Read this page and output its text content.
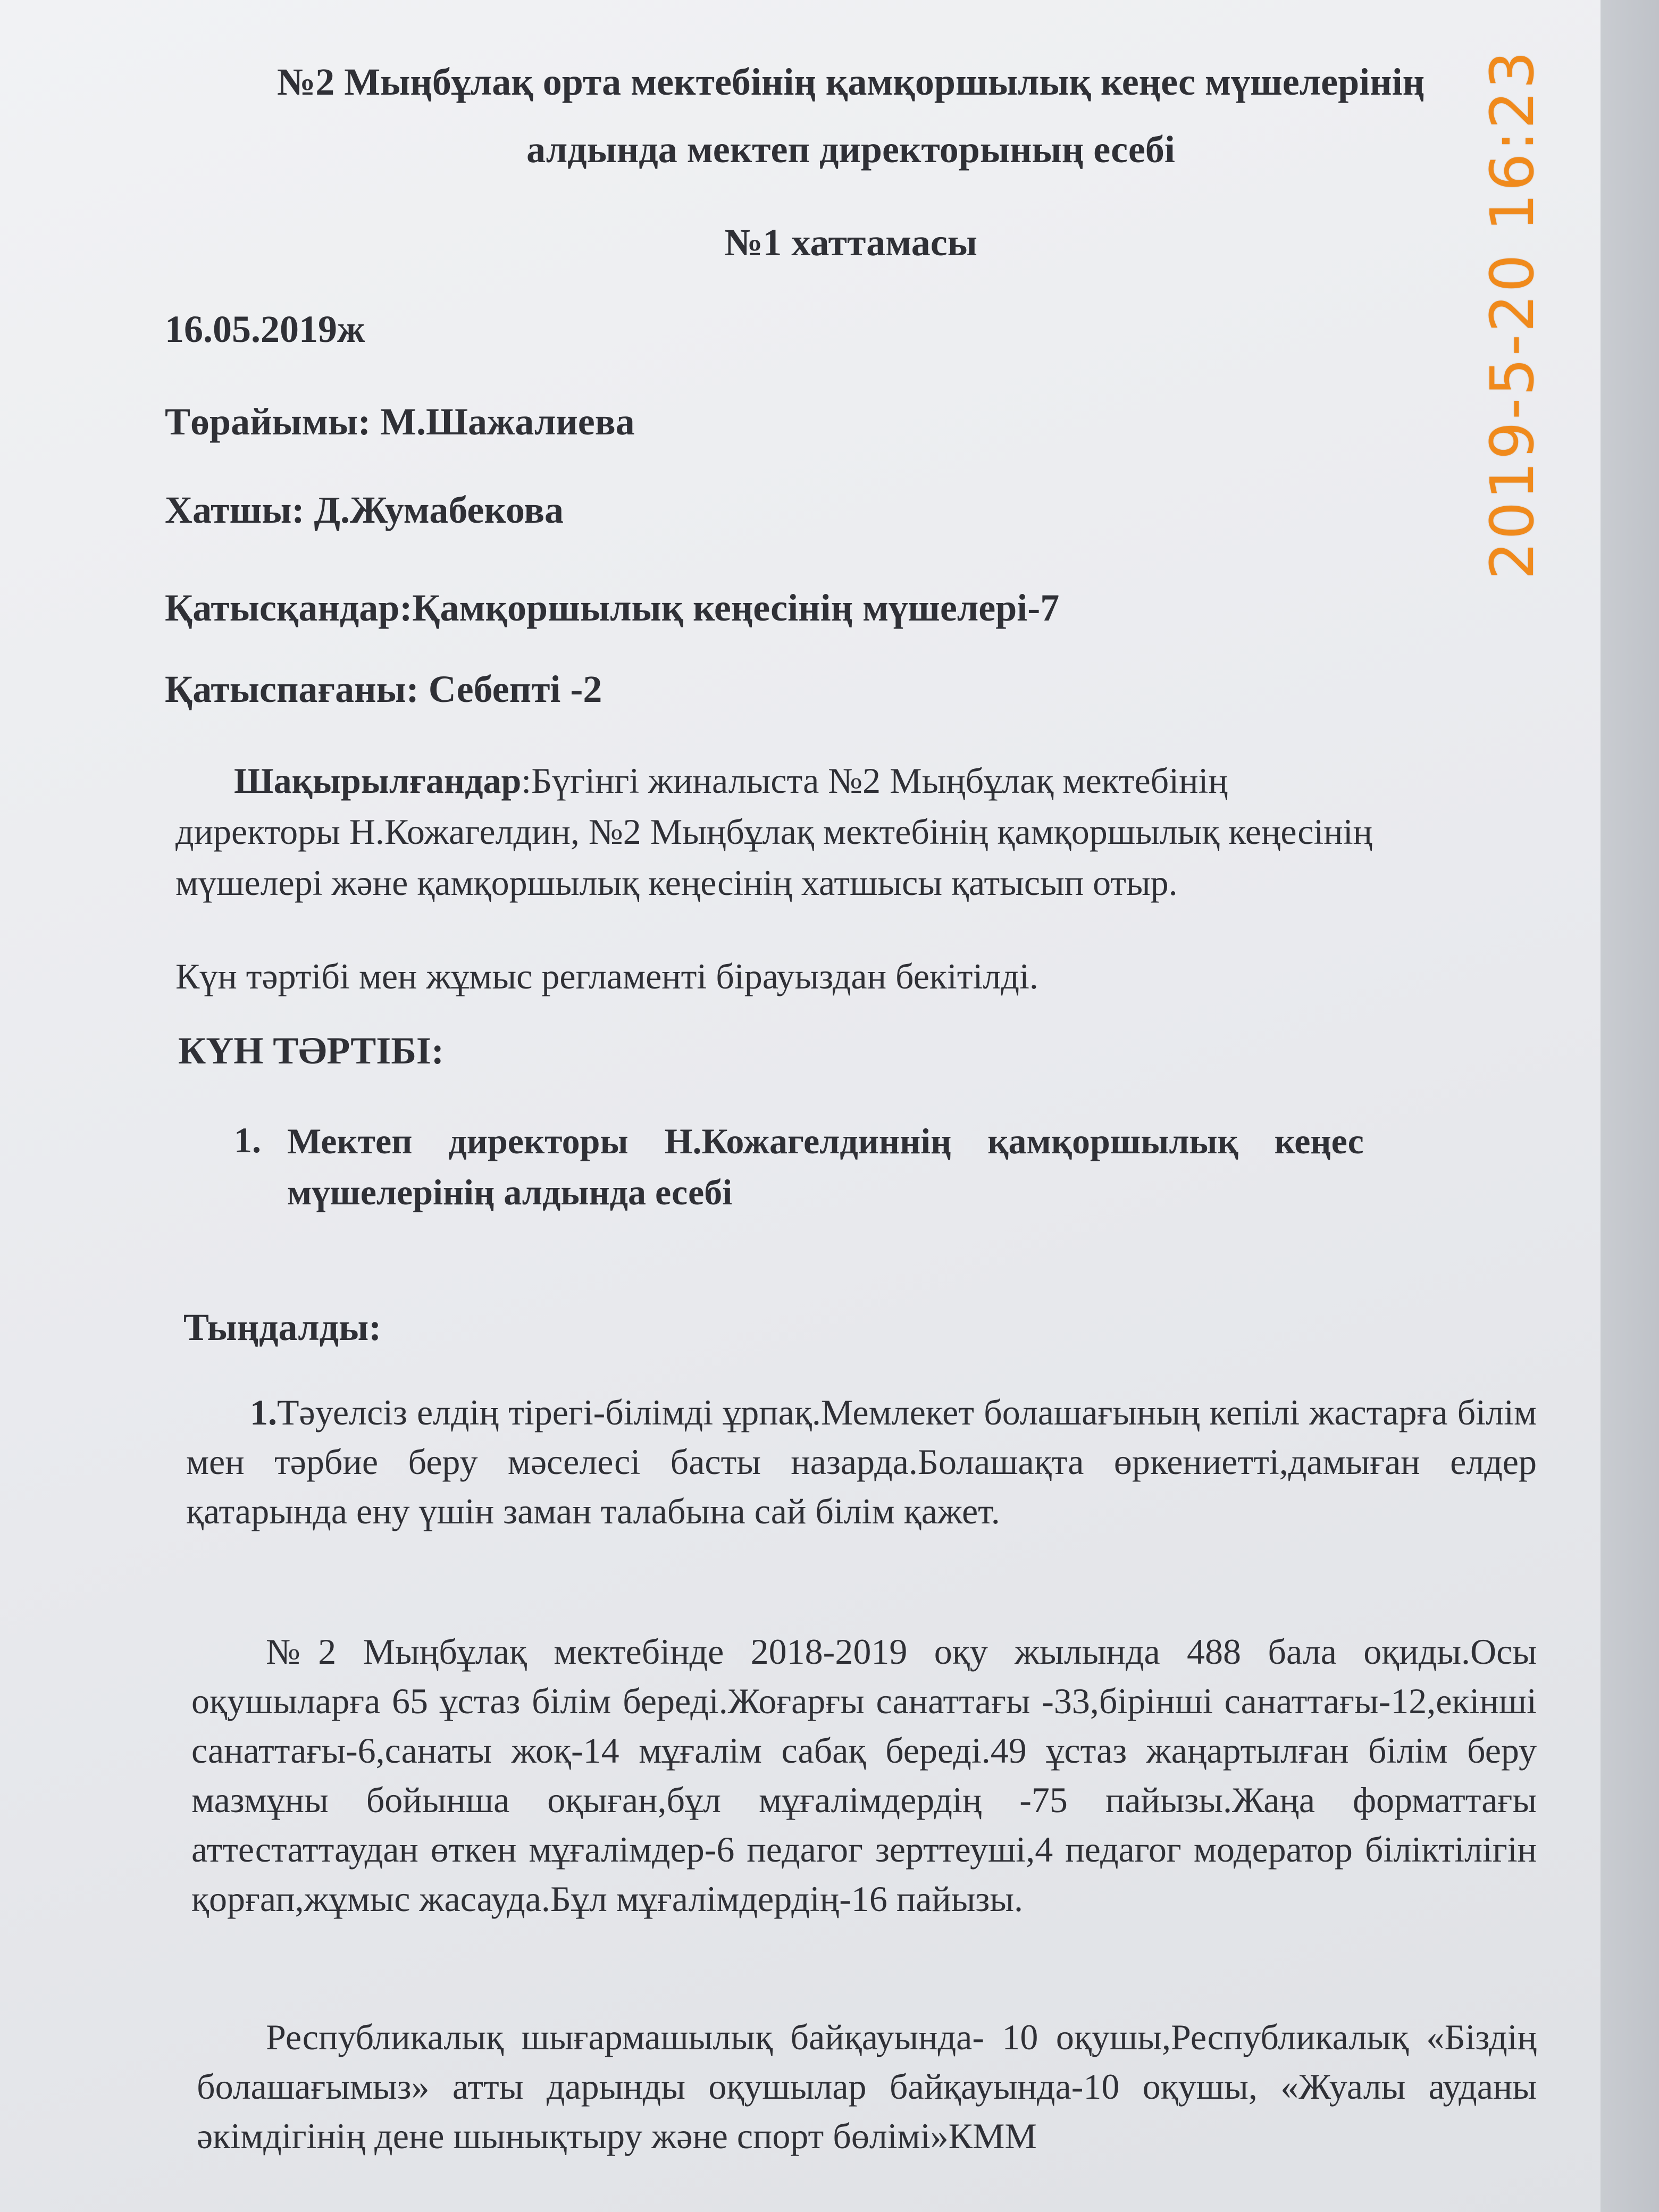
2019-5-20 16:23
№2 Мыңбұлақ орта мектебінің қамқоршылық кеңес мүшелерінің
алдында мектеп директорының есебі
№1 хаттамасы
16.05.2019ж
Төрайымы: М.Шажалиева
Хатшы: Д.Жумабекова
Қатысқандар:Қамқоршылық кеңесінің мүшелері-7
Қатыспағаны: Себепті -2
Шақырылғандар:Бүгінгі жиналыста №2 Мыңбұлақ мектебінің
директоры Н.Кожагелдин, №2 Мыңбұлақ мектебінің қамқоршылық кеңесінің
мүшелері және қамқоршылық кеңесінің хатшысы қатысып отыр.
Күн тәртібі мен жұмыс регламенті бірауыздан бекітілді.
КҮН ТӘРТІБІ:
1. Мектеп    директоры    Н.Кожагелдиннің    қамқоршылық    кеңес
мүшелерінің алдында есебі
Тыңдалды:
1.Тәуелсіз елдің тірегі-білімді ұрпақ.Мемлекет болашағының кепілі жастарға білім мен тәрбие беру мәселесі басты назарда.Болашақта өркениетті,дамыған елдер қатарында ену үшін заман талабына сай білім қажет.
№2 Мыңбұлақ мектебінде 2018-2019 оқу жылында 488 бала оқиды.Осы оқушыларға 65 ұстаз білім береді.Жоғарғы санаттағы -33,бірінші санаттағы-12,екінші санаттағы-6,санаты жоқ-14 мұғалім сабақ береді.49 ұстаз жаңартылған білім беру мазмұны бойынша оқыған,бұл мұғалімдердің -75 пайызы.Жаңа форматтағы аттестаттаудан өткен мұғалімдер-6 педагог зерттеуші,4 педагог модератор біліктілігін қорғап,жұмыс жасауда.Бұл мұғалімдердің-16 пайызы.
Республикалық шығармашылық байқауында- 10 оқушы,Республикалық «Біздің болашағымыз» атты дарынды оқушылар байқауында-10 оқушы, «Жуалы ауданы әкімдігінің дене шынықтыру және спорт бөлімі»КММ
